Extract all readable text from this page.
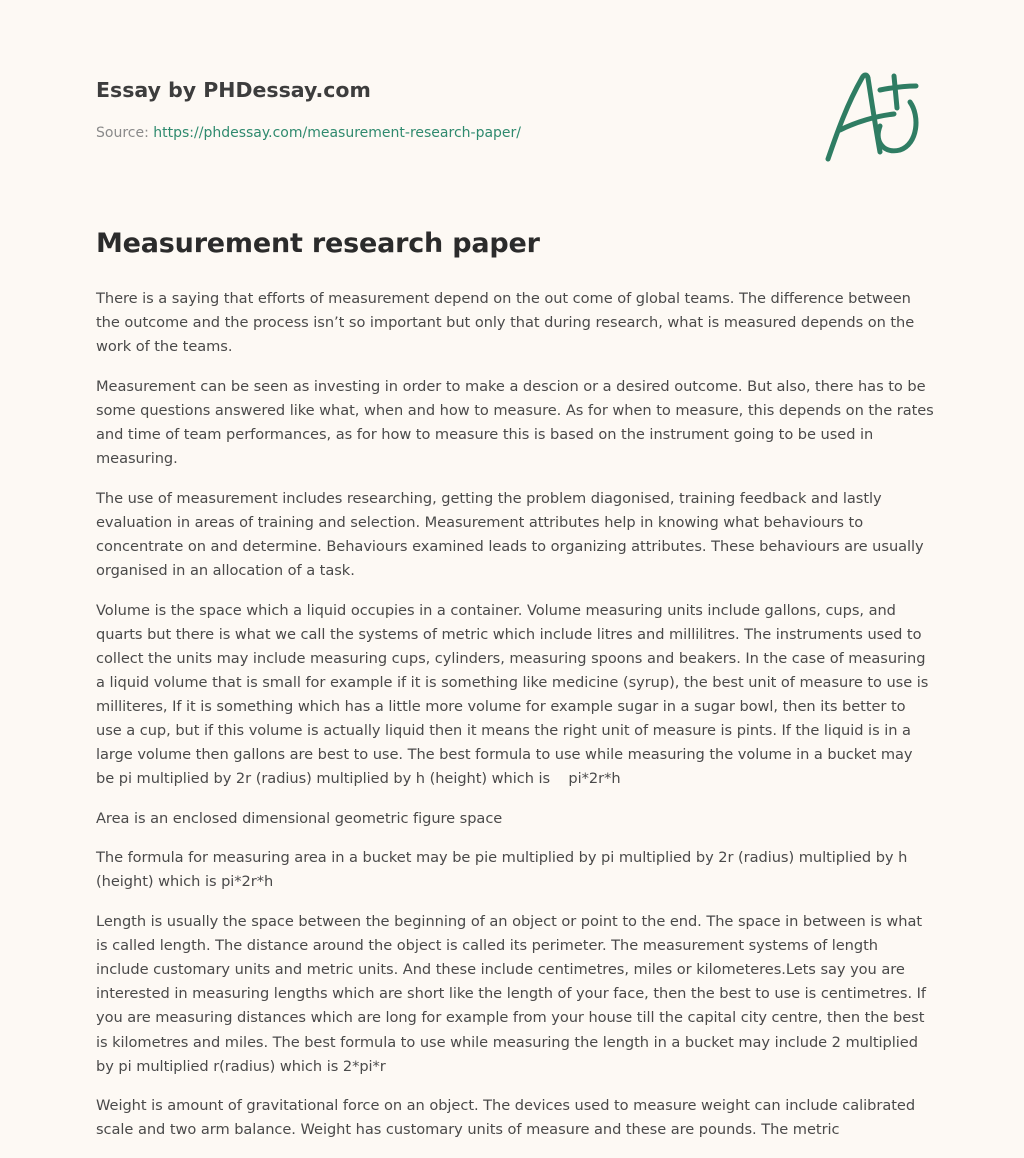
Essay by PHDessay.com
Source: https://phdessay.com/measurement-research-paper/
Measurement research paper

There is a saying that efforts of measurement depend on the out come of global teams. The difference between the outcome and the process isn’t so important but only that during research, what is measured depends on the work of the teams.

Measurement can be seen as investing in order to make a descion or a desired outcome. But also, there has to be some questions answered like what, when and how to measure. As for when to measure, this depends on the rates and time of team performances, as for how to measure this is based on the instrument going to be used in measuring.

The use of measurement includes researching, getting the problem diagonised, training feedback and lastly evaluation in areas of training and selection. Measurement attributes help in knowing what behaviours to concentrate on and determine. Behaviours examined leads to organizing attributes. These behaviours are usually organised in an allocation of a task.

Volume is the space which a liquid occupies in a container. Volume measuring units include gallons, cups, and quarts but there is what we call the systems of metric which include litres and millilitres. The instruments used to collect the units may include measuring cups, cylinders, measuring spoons and beakers. In the case of measuring a liquid volume that is small for example if it is something like medicine (syrup), the best unit of measure to use is milliteres, If it is something which has a little more volume for example sugar in a sugar bowl, then its better to use a cup, but if this volume is actually liquid then it means the right unit of measure is pints. If the liquid is in a large volume then gallons are best to use. The best formula to use while measuring the volume in a bucket may be pi multiplied by 2r (radius) multiplied by h (height) which is    pi*2r*h

Area is an enclosed dimensional geometric figure space

The formula for measuring area in a bucket may be pie multiplied by pi multiplied by 2r (radius) multiplied by h (height) which is pi*2r*h

Length is usually the space between the beginning of an object or point to the end. The space in between is what is called length. The distance around the object is called its perimeter. The measurement systems of length include customary units and metric units. And these include centimetres, miles or kilometeres.Lets say you are interested in measuring lengths which are short like the length of your face, then the best to use is centimetres. If you are measuring distances which are long for example from your house till the capital city centre, then the best is kilometres and miles. The best formula to use while measuring the length in a bucket may include 2 multiplied by pi multiplied r(radius) which is 2*pi*r

Weight is amount of gravitational force on an object. The devices used to measure weight can include calibrated scale and two arm balance. Weight has customary units of measure and these are pounds. The metric
